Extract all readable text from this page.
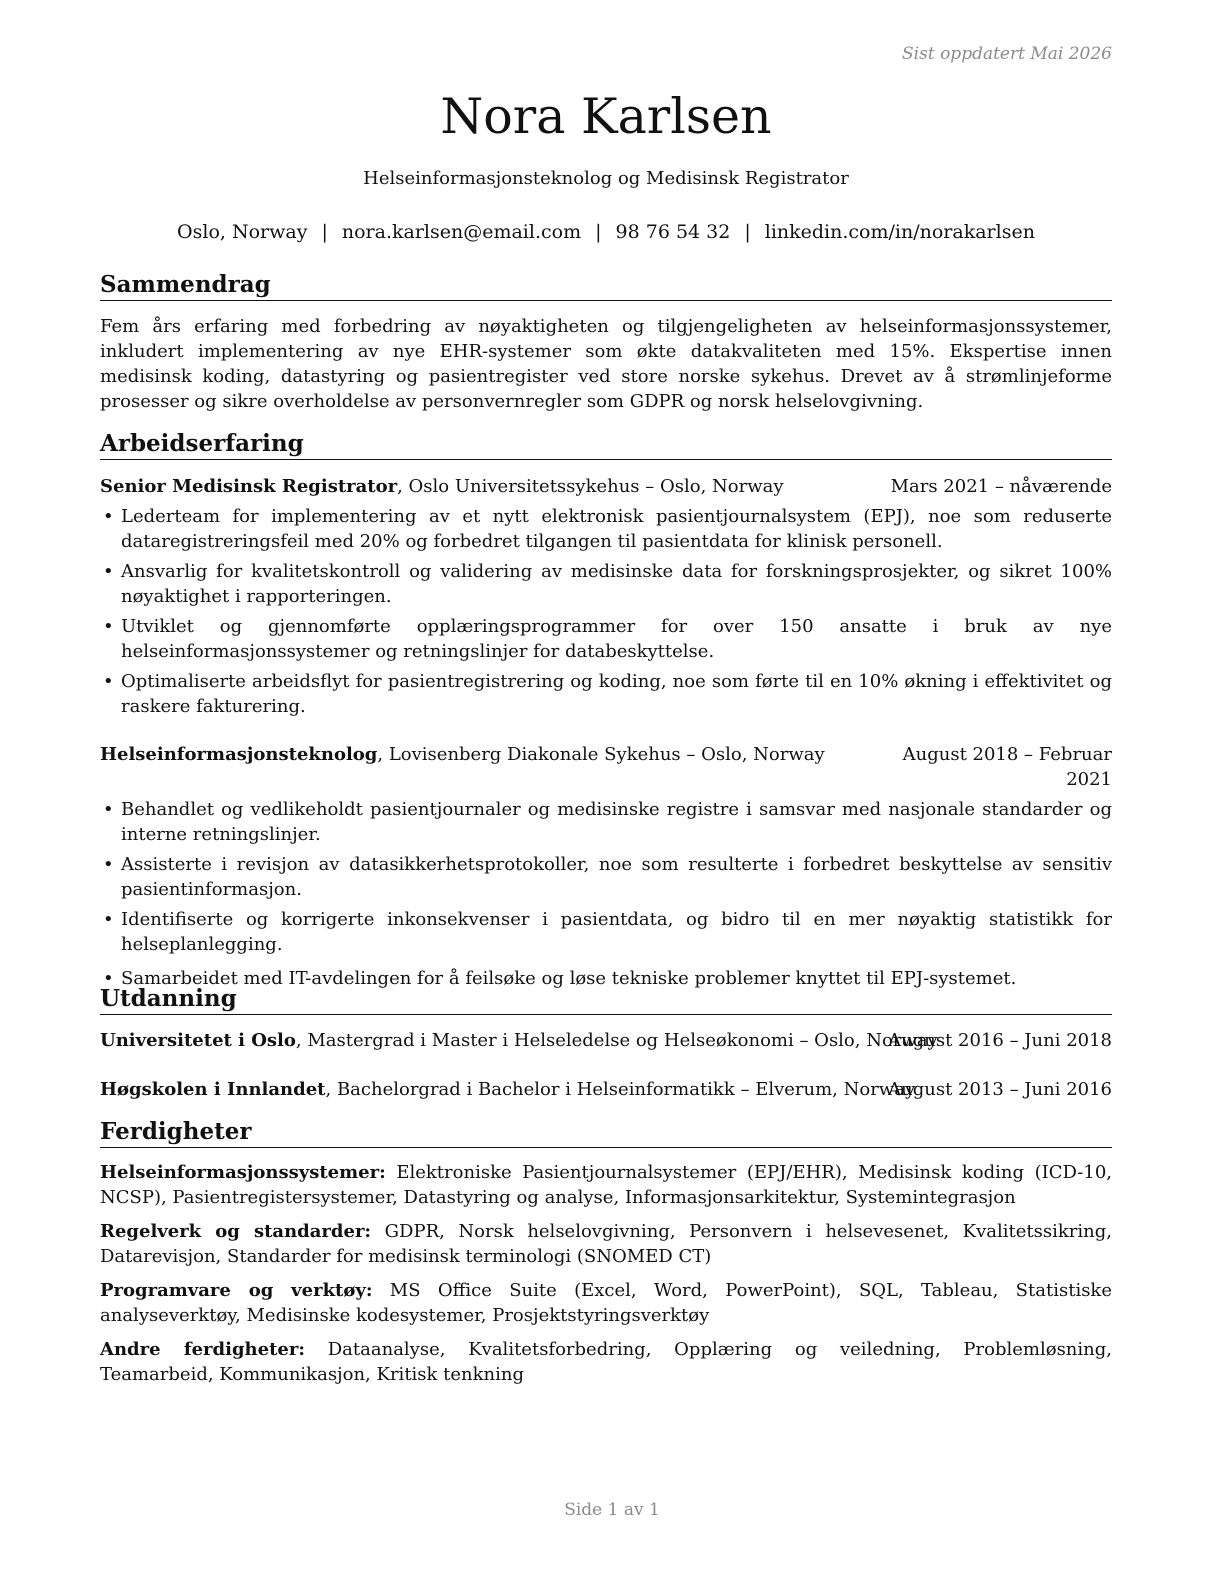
Sist oppdatert Mai 2026
Nora Karlsen
Helseinformasjonsteknolog og Medisinsk Registrator
Oslo, Norway | nora.karlsen@email.com | 98 76 54 32 | linkedin.com/in/norakarlsen
Sammendrag
Fem års erfaring med forbedring av nøyaktigheten og tilgjengeligheten av helseinformasjonssystemer, inkludert implementering av nye EHR-systemer som økte datakvaliteten med 15%. Ekspertise innen medisinsk koding, datastyring og pasientregister ved store norske sykehus. Drevet av å strømlinjeforme prosesser og sikre overholdelse av personvernregler som GDPR og norsk helselovgivning.
Arbeidserfaring
Senior Medisinsk Registrator, Oslo Universitetssykehus – Oslo, Norway	Mars 2021 – nåværende
• Lederteam for implementering av et nytt elektronisk pasientjournalsystem (EPJ), noe som reduserte dataregistreringsfeil med 20% og forbedret tilgangen til pasientdata for klinisk personell.
• Ansvarlig for kvalitetskontroll og validering av medisinske data for forskningsprosjekter, og sikret 100% nøyaktighet i rapporteringen.
• Utviklet og gjennomførte opplæringsprogrammer for over 150 ansatte i bruk av nye helseinformasjonssystemer og retningslinjer for databeskyttelse.
• Optimaliserte arbeidsflyt for pasientregistrering og koding, noe som førte til en 10% økning i effektivitet og raskere fakturering.
Helseinformasjonsteknolog, Lovisenberg Diakonale Sykehus – Oslo, Norway	August 2018 – Februar 2021
• Behandlet og vedlikeholdt pasientjournaler og medisinske registre i samsvar med nasjonale standarder og interne retningslinjer.
• Assisterte i revisjon av datasikkerhetsprotokoller, noe som resulterte i forbedret beskyttelse av sensitiv pasientinformasjon.
• Identifiserte og korrigerte inkonsekvenser i pasientdata, og bidro til en mer nøyaktig statistikk for helseplanlegging.
• Samarbeidet med IT-avdelingen for å feilsøke og løse tekniske problemer knyttet til EPJ-systemet.
Utdanning
Universitetet i Oslo, Mastergrad i Master i Helseledelse og Helseøkonomi – Oslo, Norway
August 2016 – Juni 2018
Høgskolen i Innlandet, Bachelorgrad i Bachelor i Helseinformatikk – Elverum, Norway
August 2013 – Juni 2016
Ferdigheter
Helseinformasjonssystemer: Elektroniske Pasientjournalsystemer (EPJ/EHR), Medisinsk koding (ICD-10, NCSP), Pasientregistersystemer, Datastyring og analyse, Informasjonsarkitektur, Systemintegrasjon
Regelverk og standarder: GDPR, Norsk helselovgivning, Personvern i helsevesenet, Kvalitetssikring, Datarevisjon, Standarder for medisinsk terminologi (SNOMED CT)
Programvare og verktøy: MS Office Suite (Excel, Word, PowerPoint), SQL, Tableau, Statistiske analyseverktøy, Medisinske kodesystemer, Prosjektstyringsverktøy
Andre ferdigheter: Dataanalyse, Kvalitetsforbedring, Opplæring og veiledning, Problemløsning, Teamarbeid, Kommunikasjon, Kritisk tenkning
Side 1 av 1
